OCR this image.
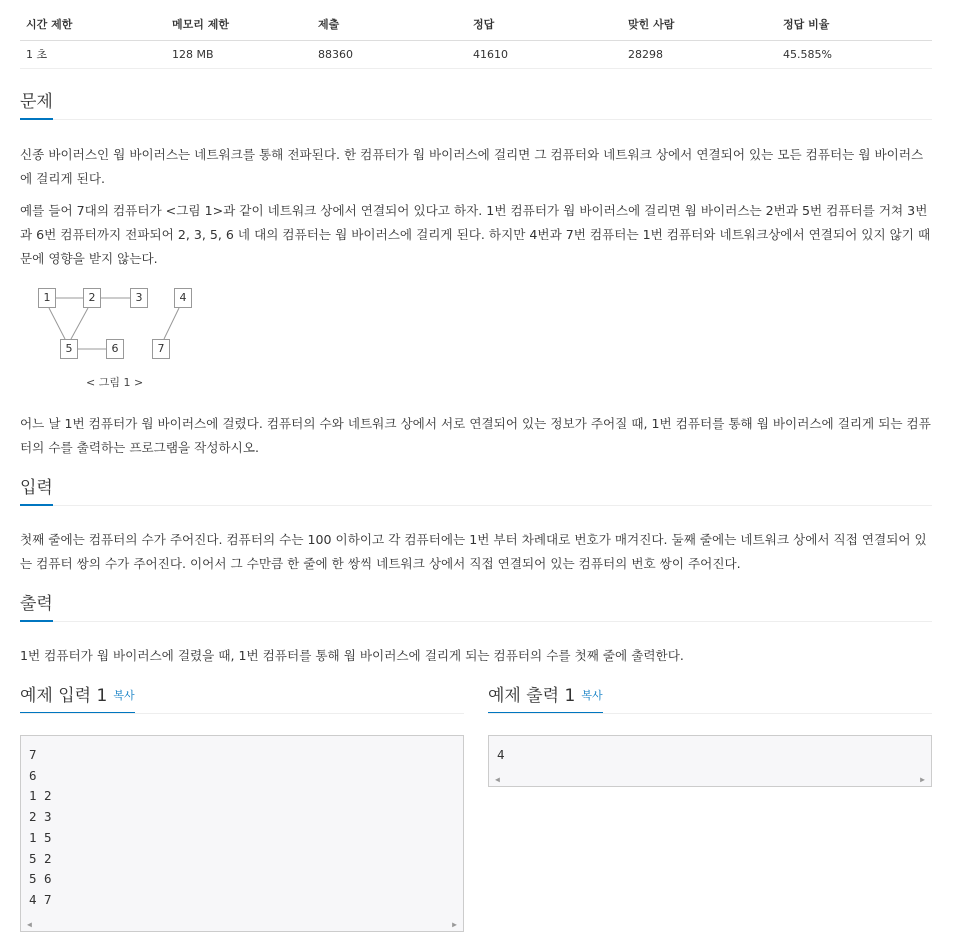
시간 제한	메모리 제한	제출	정답	맞힌 사람	정답 비율
1 초	128 MB	88360	41610	28298	45.585%
문제

신종 바이러스인 웜 바이러스는 네트워크를 통해 전파된다. 한 컴퓨터가 웜 바이러스에 걸리면 그 컴퓨터와 네트워크 상에서 연결되어 있는 모든 컴퓨터는 웜 바이러스에 걸리게 된다.

예를 들어 7대의 컴퓨터가 <그림 1>과 같이 네트워크 상에서 연결되어 있다고 하자. 1번 컴퓨터가 웜 바이러스에 걸리면 웜 바이러스는 2번과 5번 컴퓨터를 거쳐 3번과 6번 컴퓨터까지 전파되어 2, 3, 5, 6 네 대의 컴퓨터는 웜 바이러스에 걸리게 된다. 하지만 4번과 7번 컴퓨터는 1번 컴퓨터와 네트워크상에서 연결되어 있지 않기 때문에 영향을 받지 않는다.

1	2	3	4
5	6	7
< 그림 1 >

어느 날 1번 컴퓨터가 웜 바이러스에 걸렸다. 컴퓨터의 수와 네트워크 상에서 서로 연결되어 있는 정보가 주어질 때, 1번 컴퓨터를 통해 웜 바이러스에 걸리게 되는 컴퓨터의 수를 출력하는 프로그램을 작성하시오.

입력

첫째 줄에는 컴퓨터의 수가 주어진다. 컴퓨터의 수는 100 이하이고 각 컴퓨터에는 1번 부터 차례대로 번호가 매겨진다. 둘째 줄에는 네트워크 상에서 직접 연결되어 있는 컴퓨터 쌍의 수가 주어진다. 이어서 그 수만큼 한 줄에 한 쌍씩 네트워크 상에서 직접 연결되어 있는 컴퓨터의 번호 쌍이 주어진다.

출력

1번 컴퓨터가 웜 바이러스에 걸렸을 때, 1번 컴퓨터를 통해 웜 바이러스에 걸리게 되는 컴퓨터의 수를 첫째 줄에 출력한다.

예제 입력 1 복사
7
6
1 2
2 3
1 5
5 2
5 6
4 7
◀	▶
예제 출력 1 복사
4
◀	▶
